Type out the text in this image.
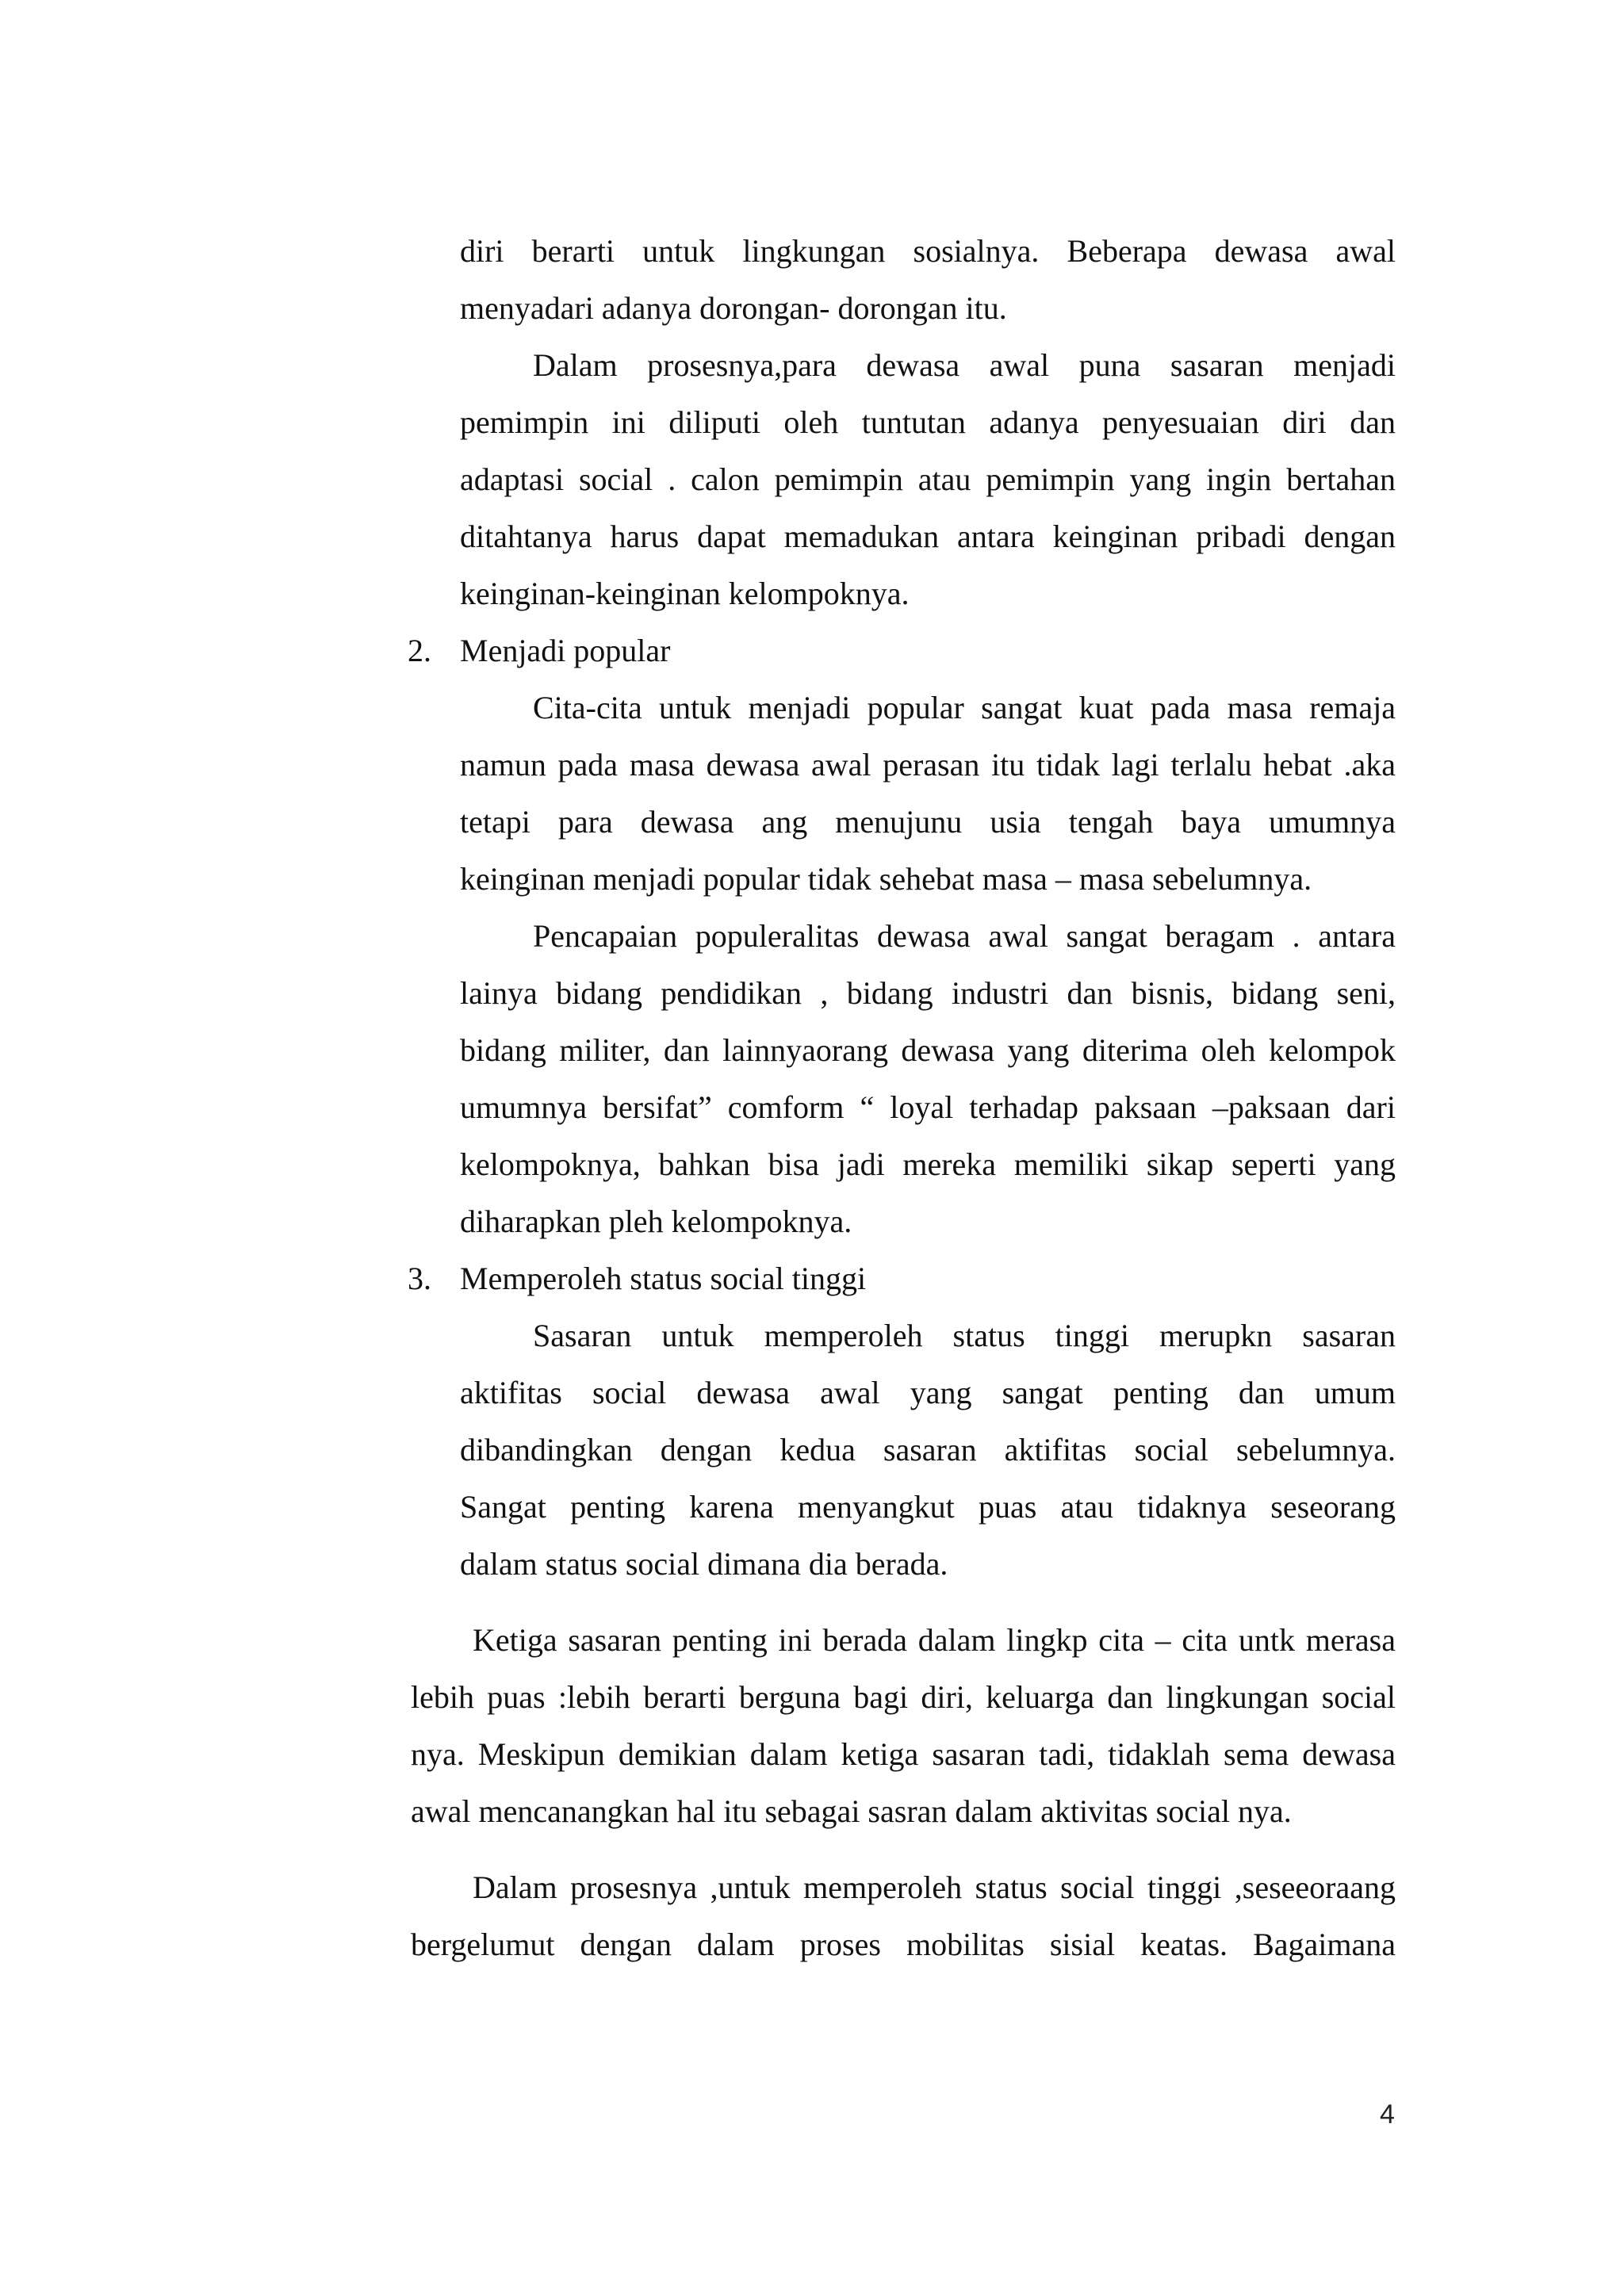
diri berarti untuk lingkungan sosialnya. Beberapa dewasa awal
menyadari adanya dorongan- dorongan itu.
Dalam prosesnya,para dewasa awal puna sasaran menjadi
pemimpin ini diliputi oleh tuntutan adanya penyesuaian diri dan
adaptasi social . calon pemimpin atau pemimpin yang ingin bertahan
ditahtanya harus dapat memadukan antara keinginan pribadi dengan
keinginan-keinginan kelompoknya.
2. Menjadi popular
Cita-cita untuk menjadi popular sangat kuat pada masa remaja
namun pada masa dewasa awal perasan itu tidak lagi terlalu hebat .aka
tetapi para dewasa ang menujunu usia tengah baya umumnya
keinginan menjadi popular tidak sehebat masa – masa sebelumnya.
Pencapaian populeralitas dewasa awal sangat beragam . antara
lainya bidang pendidikan , bidang industri dan bisnis, bidang seni,
bidang militer, dan lainnyaorang dewasa yang diterima oleh kelompok
umumnya bersifat” comform “ loyal terhadap paksaan –paksaan dari
kelompoknya, bahkan bisa jadi mereka memiliki sikap seperti yang
diharapkan pleh kelompoknya.
3. Memperoleh status social tinggi
Sasaran untuk memperoleh status tinggi merupkn sasaran
aktifitas social dewasa awal yang sangat penting dan umum
dibandingkan dengan kedua sasaran aktifitas social sebelumnya.
Sangat penting karena menyangkut puas atau tidaknya seseorang
dalam status social dimana dia berada.
Ketiga sasaran penting ini berada dalam lingkp cita – cita untk merasa
lebih puas :lebih berarti berguna bagi diri, keluarga dan lingkungan social
nya. Meskipun demikian dalam ketiga sasaran tadi, tidaklah sema dewasa
awal mencanangkan hal itu sebagai sasran dalam aktivitas social nya.
Dalam prosesnya ,untuk memperoleh status social tinggi ,seseeoraang
bergelumut dengan dalam proses mobilitas sisial keatas. Bagaimana
4
